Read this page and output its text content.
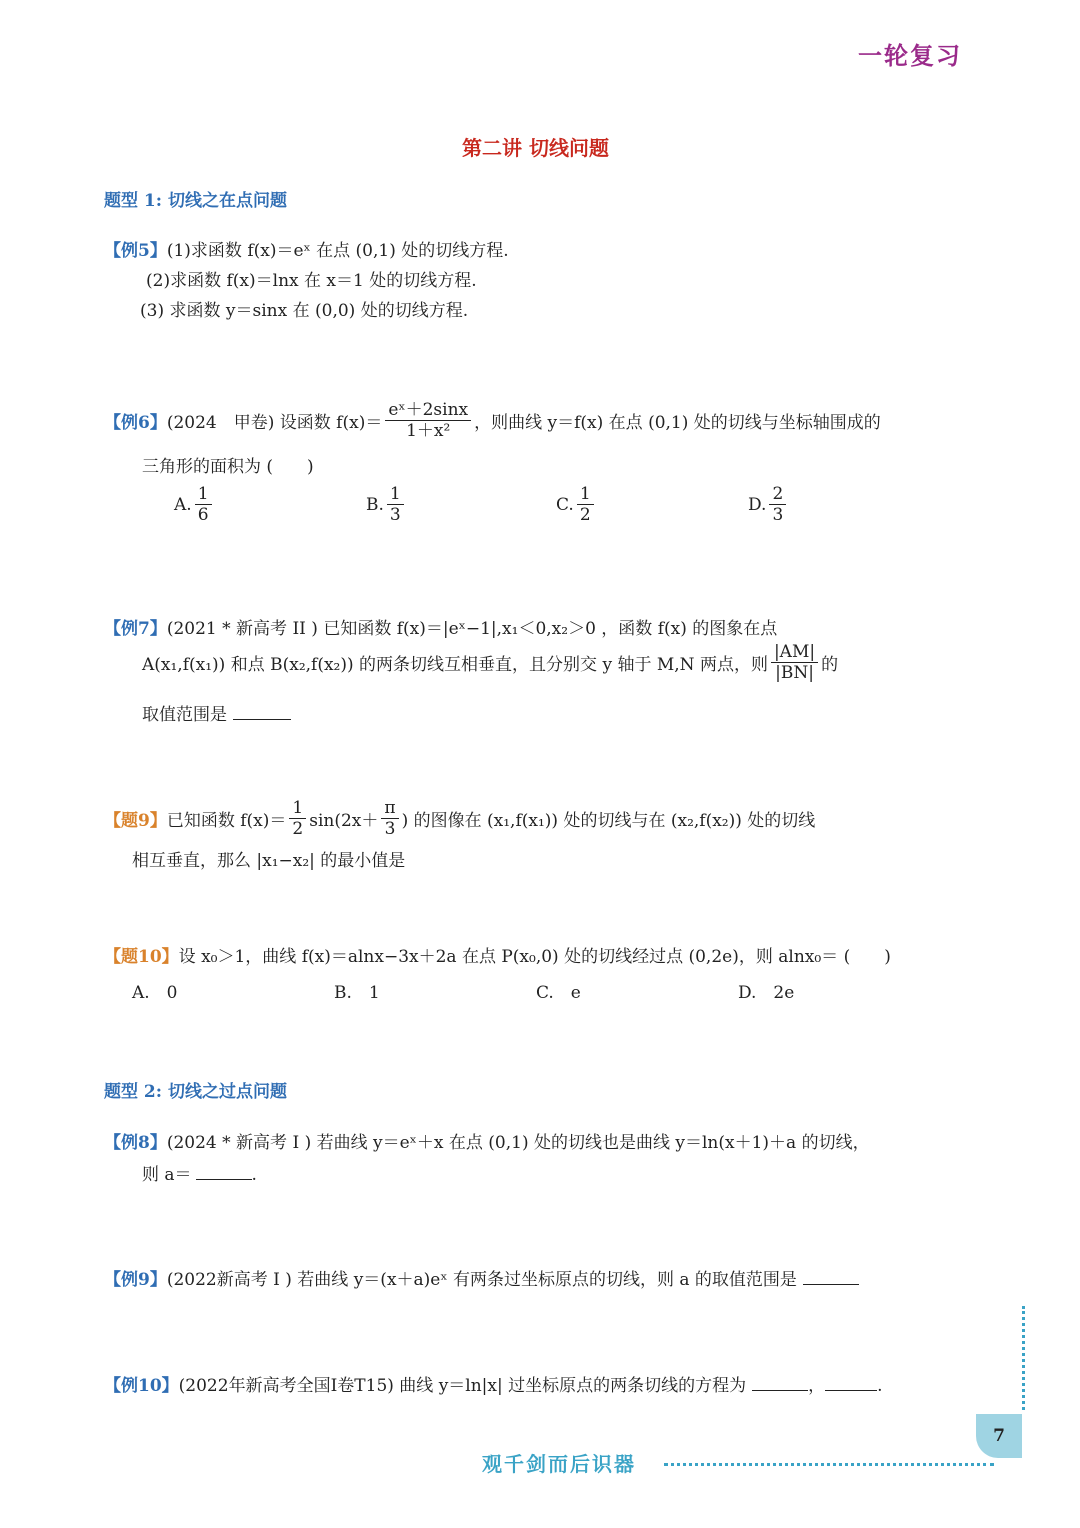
一轮复习
第二讲 切线问题
题型 1: 切线之在点问题
【例5】(1)求函数 f(x)＝eˣ 在点 (0,1) 处的切线方程.
(2)求函数 f(x)＝lnx 在 x＝1 处的切线方程.
(3) 求函数 y＝sinx 在 (0,0) 处的切线方程.
【例6】 (2024　甲卷) 设函数 $f(x)= \frac{\text{eˣ＋2sinx}}{\text{1＋x²}}$ ，则曲线 y＝f(x) 在点 (0,1) 处的切线与坐标轴围成的
三角形的面积为 (　　)
A. $\frac{1}{6}$	B. $\frac{1}{3}$	C. $\frac{1}{2}$	D. $\frac{2}{3}$
【例7】(2021 * 新高考 II ) 已知函数 f(x)＝|eˣ−1|,x₁＜0,x₂＞0 ，函数 f(x) 的图象在点
A(x₁,f(x₁)) 和点 B(x₂,f(x₂)) 的两条切线互相垂直，且分别交 y 轴于 M,N 两点，则 $\frac{|AM|}{|BN|}$ 的
取值范围是
【题9】 已知函数 $f(x)= \frac{1}{2} \sin(2x+ \frac{\pi}{3}$ ) 的图像在 (x₁,f(x₁)) 处的切线与在 (x₂,f(x₂)) 处的切线
相互垂直，那么 |x₁−x₂| 的最小值是
【题10】设 x₀＞1，曲线 f(x)＝alnx−3x＋2a 在点 P(x₀,0) 处的切线经过点 (0,2e)，则 alnx₀＝ (　　)
A.　0	B.　1	C.　e	D.　2e
题型 2: 切线之过点问题
【例8】(2024 * 新高考 I ) 若曲线 y＝eˣ＋x 在点 (0,1) 处的切线也是曲线 y＝ln(x＋1)＋a 的切线，
则 a＝	.
【例9】(2022新高考 I ) 若曲线 y＝(x＋a)eˣ 有两条过坐标原点的切线，则 a 的取值范围是
【例10】(2022年新高考全国I卷T15) 曲线 y＝ln|x| 过坐标原点的两条切线的方程为	，	.
7
观千剑而后识器
